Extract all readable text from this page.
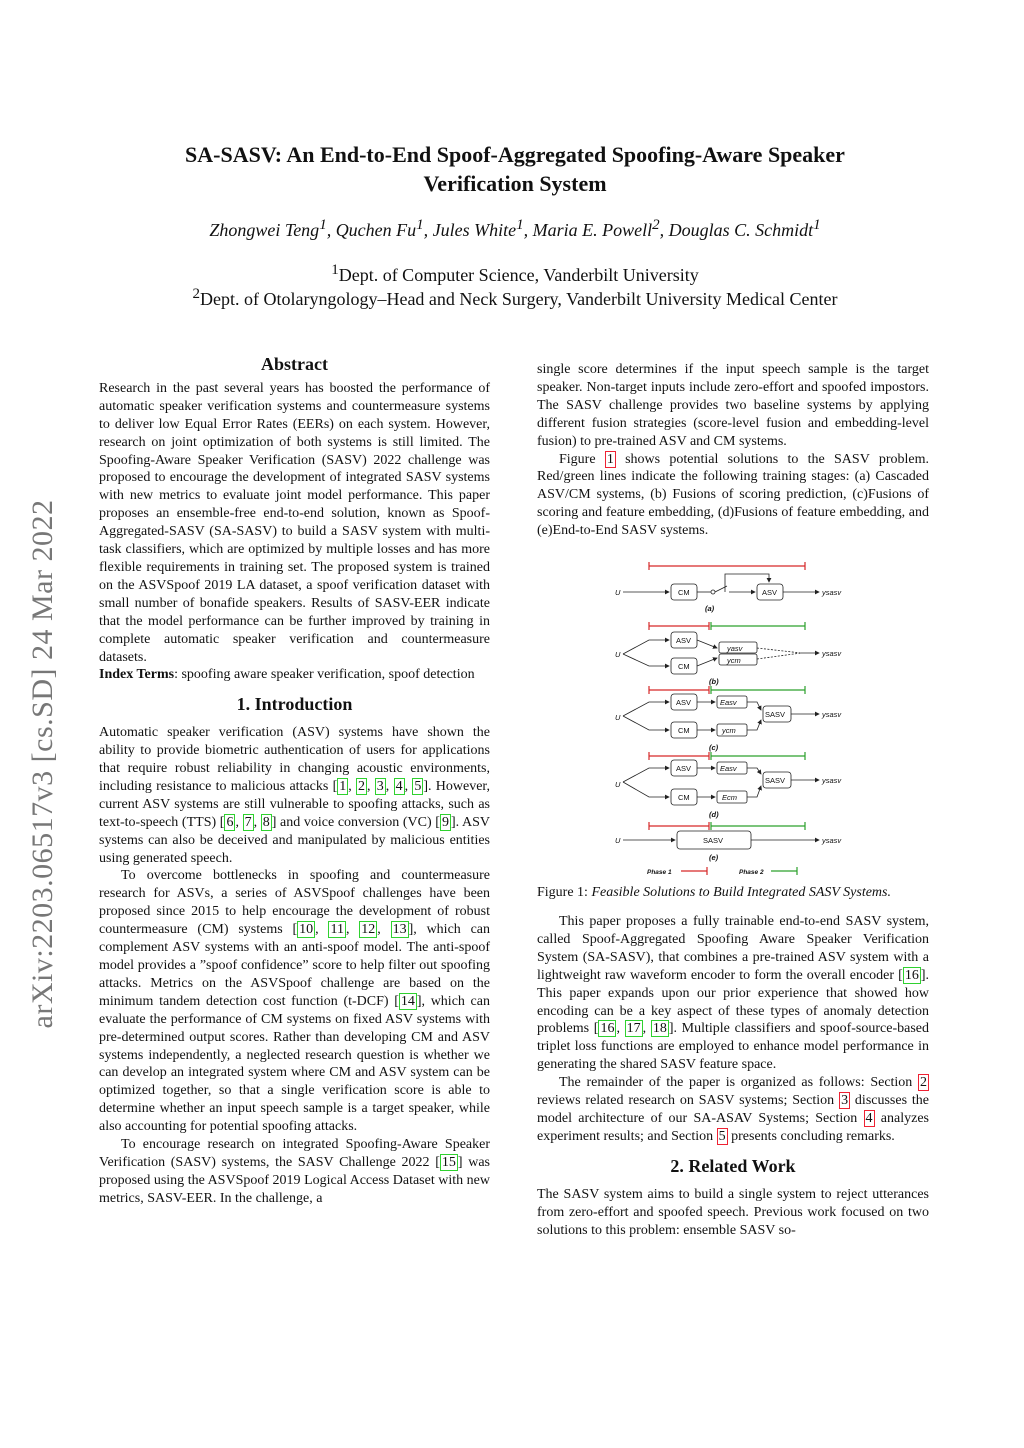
SA-SASV: An End-to-End Spoof-Aggregated Spoofing-Aware Speaker
Verification System
Zhongwei Teng$^1$, Quchen Fu$^1$, Jules White$^1$, Maria E. Powell$^2$, Douglas C. Schmidt$^1$
$^1$Dept. of Computer Science, Vanderbilt University
$^2$Dept. of Otolaryngology–Head and Neck Surgery, Vanderbilt University Medical Center
arXiv:2203.06517v3 [cs.SD] 24 Mar 2022
Abstract

Research in the past several years has boosted the performance of automatic speaker verification systems and countermeasure systems to deliver low Equal Error Rates (EERs) on each system. However, research on joint optimization of both systems is still limited. The Spoofing-Aware Speaker Verification (SASV) 2022 challenge was proposed to encourage the development of integrated SASV systems with new metrics to evaluate joint model performance. This paper proposes an ensemble-free end-to-end solution, known as Spoof-Aggregated-SASV (SA-SASV) to build a SASV system with multi-task classifiers, which are optimized by multiple losses and has more flexible requirements in training set. The proposed system is trained on the ASVSpoof 2019 LA dataset, a spoof verification dataset with small number of bonafide speakers. Results of SASV-EER indicate that the model performance can be further improved by training in complete automatic speaker verification and countermeasure datasets.

Index Terms: spoofing aware speaker verification, spoof detection

1. Introduction

Automatic speaker verification (ASV) systems have shown the ability to provide biometric authentication of users for applications that require robust reliability in changing acoustic environments, including resistance to malicious attacks [ 1 , 2 , 3 , 4 , 5 ]. However, current ASV systems are still vulnerable to spoofing attacks, such as text-to-speech (TTS) [ 6 , 7 , 8 ] and voice conversion (VC) [ 9 ]. ASV systems can also be deceived and manipulated by malicious entities using generated speech.

To overcome bottlenecks in spoofing and countermeasure research for ASVs, a series of ASVSpoof challenges have been proposed since 2015 to help encourage the development of robust countermeasure (CM) systems [ 10 , 11 , 12 , 13 ], which can complement ASV systems with an anti-spoof model. The anti-spoof model provides a ”spoof confidence” score to help filter out spoofing attacks. Metrics on the ASVSpoof challenge are based on the minimum tandem detection cost function (t-DCF) [ 14 ], which can evaluate the performance of CM systems on fixed ASV systems with pre-determined output scores. Rather than developing CM and ASV systems independently, a neglected research question is whether we can develop an integrated system where CM and ASV system can be optimized together, so that a single verification score is able to determine whether an input speech sample is a target speaker, while also accounting for potential spoofing attacks.

To encourage research on integrated Spoofing-Aware Speaker Verification (SASV) systems, the SASV Challenge 2022 [ 15 ] was proposed using the ASVSpoof 2019 Logical Access Dataset with new metrics, SASV-EER. In the challenge, a

single score determines if the input speech sample is the target speaker. Non-target inputs include zero-effort and spoofed impostors. The SASV challenge provides two baseline systems by applying different fusion strategies (score-level fusion and embedding-level fusion) to pre-trained ASV and CM systems.

Figure 1 shows potential solutions to the SASV problem. Red/green lines indicate the following training stages: (a) Cascaded ASV/CM systems, (b) Fusions of scoring prediction, (c)Fusions of scoring and feature embedding, (d)Fusions of feature embedding, and (e)End-to-End SASV systems.

U	CM	ASV	ysasv
(a)
U
ASV
CM
yasv
ycm
ysasv
(b)
U
ASV
CM
Easv
ycm
SASV	ysasv
(c)
U
ASV
CM
Easv
Ecm
SASV	ysasv
(d)
U	SASV	ysasv
(e)
Phase 1	Phase 2
Figure 1: Feasible Solutions to Build Integrated SASV Systems.

This paper proposes a fully trainable end-to-end SASV system, called Spoof-Aggregated Spoofing Aware Speaker Verification System (SA-SASV), that combines a pre-trained ASV system with a lightweight raw waveform encoder to form the overall encoder [ 16 ]. This paper expands upon our prior experience that showed how encoding can be a key aspect of these types of anomaly detection problems [ 16 , 17 , 18 ]. Multiple classifiers and spoof-source-based triplet loss functions are employed to enhance model performance in generating the shared SASV feature space.

The remainder of the paper is organized as follows: Section 2 reviews related research on SASV systems; Section 3 discusses the model architecture of our SA-ASAV Systems; Section 4 analyzes experiment results; and Section 5 presents concluding remarks.

2. Related Work

The SASV system aims to build a single system to reject utterances from zero-effort and spoofed speech. Previous work focused on two solutions to this problem: ensemble SASV so-
